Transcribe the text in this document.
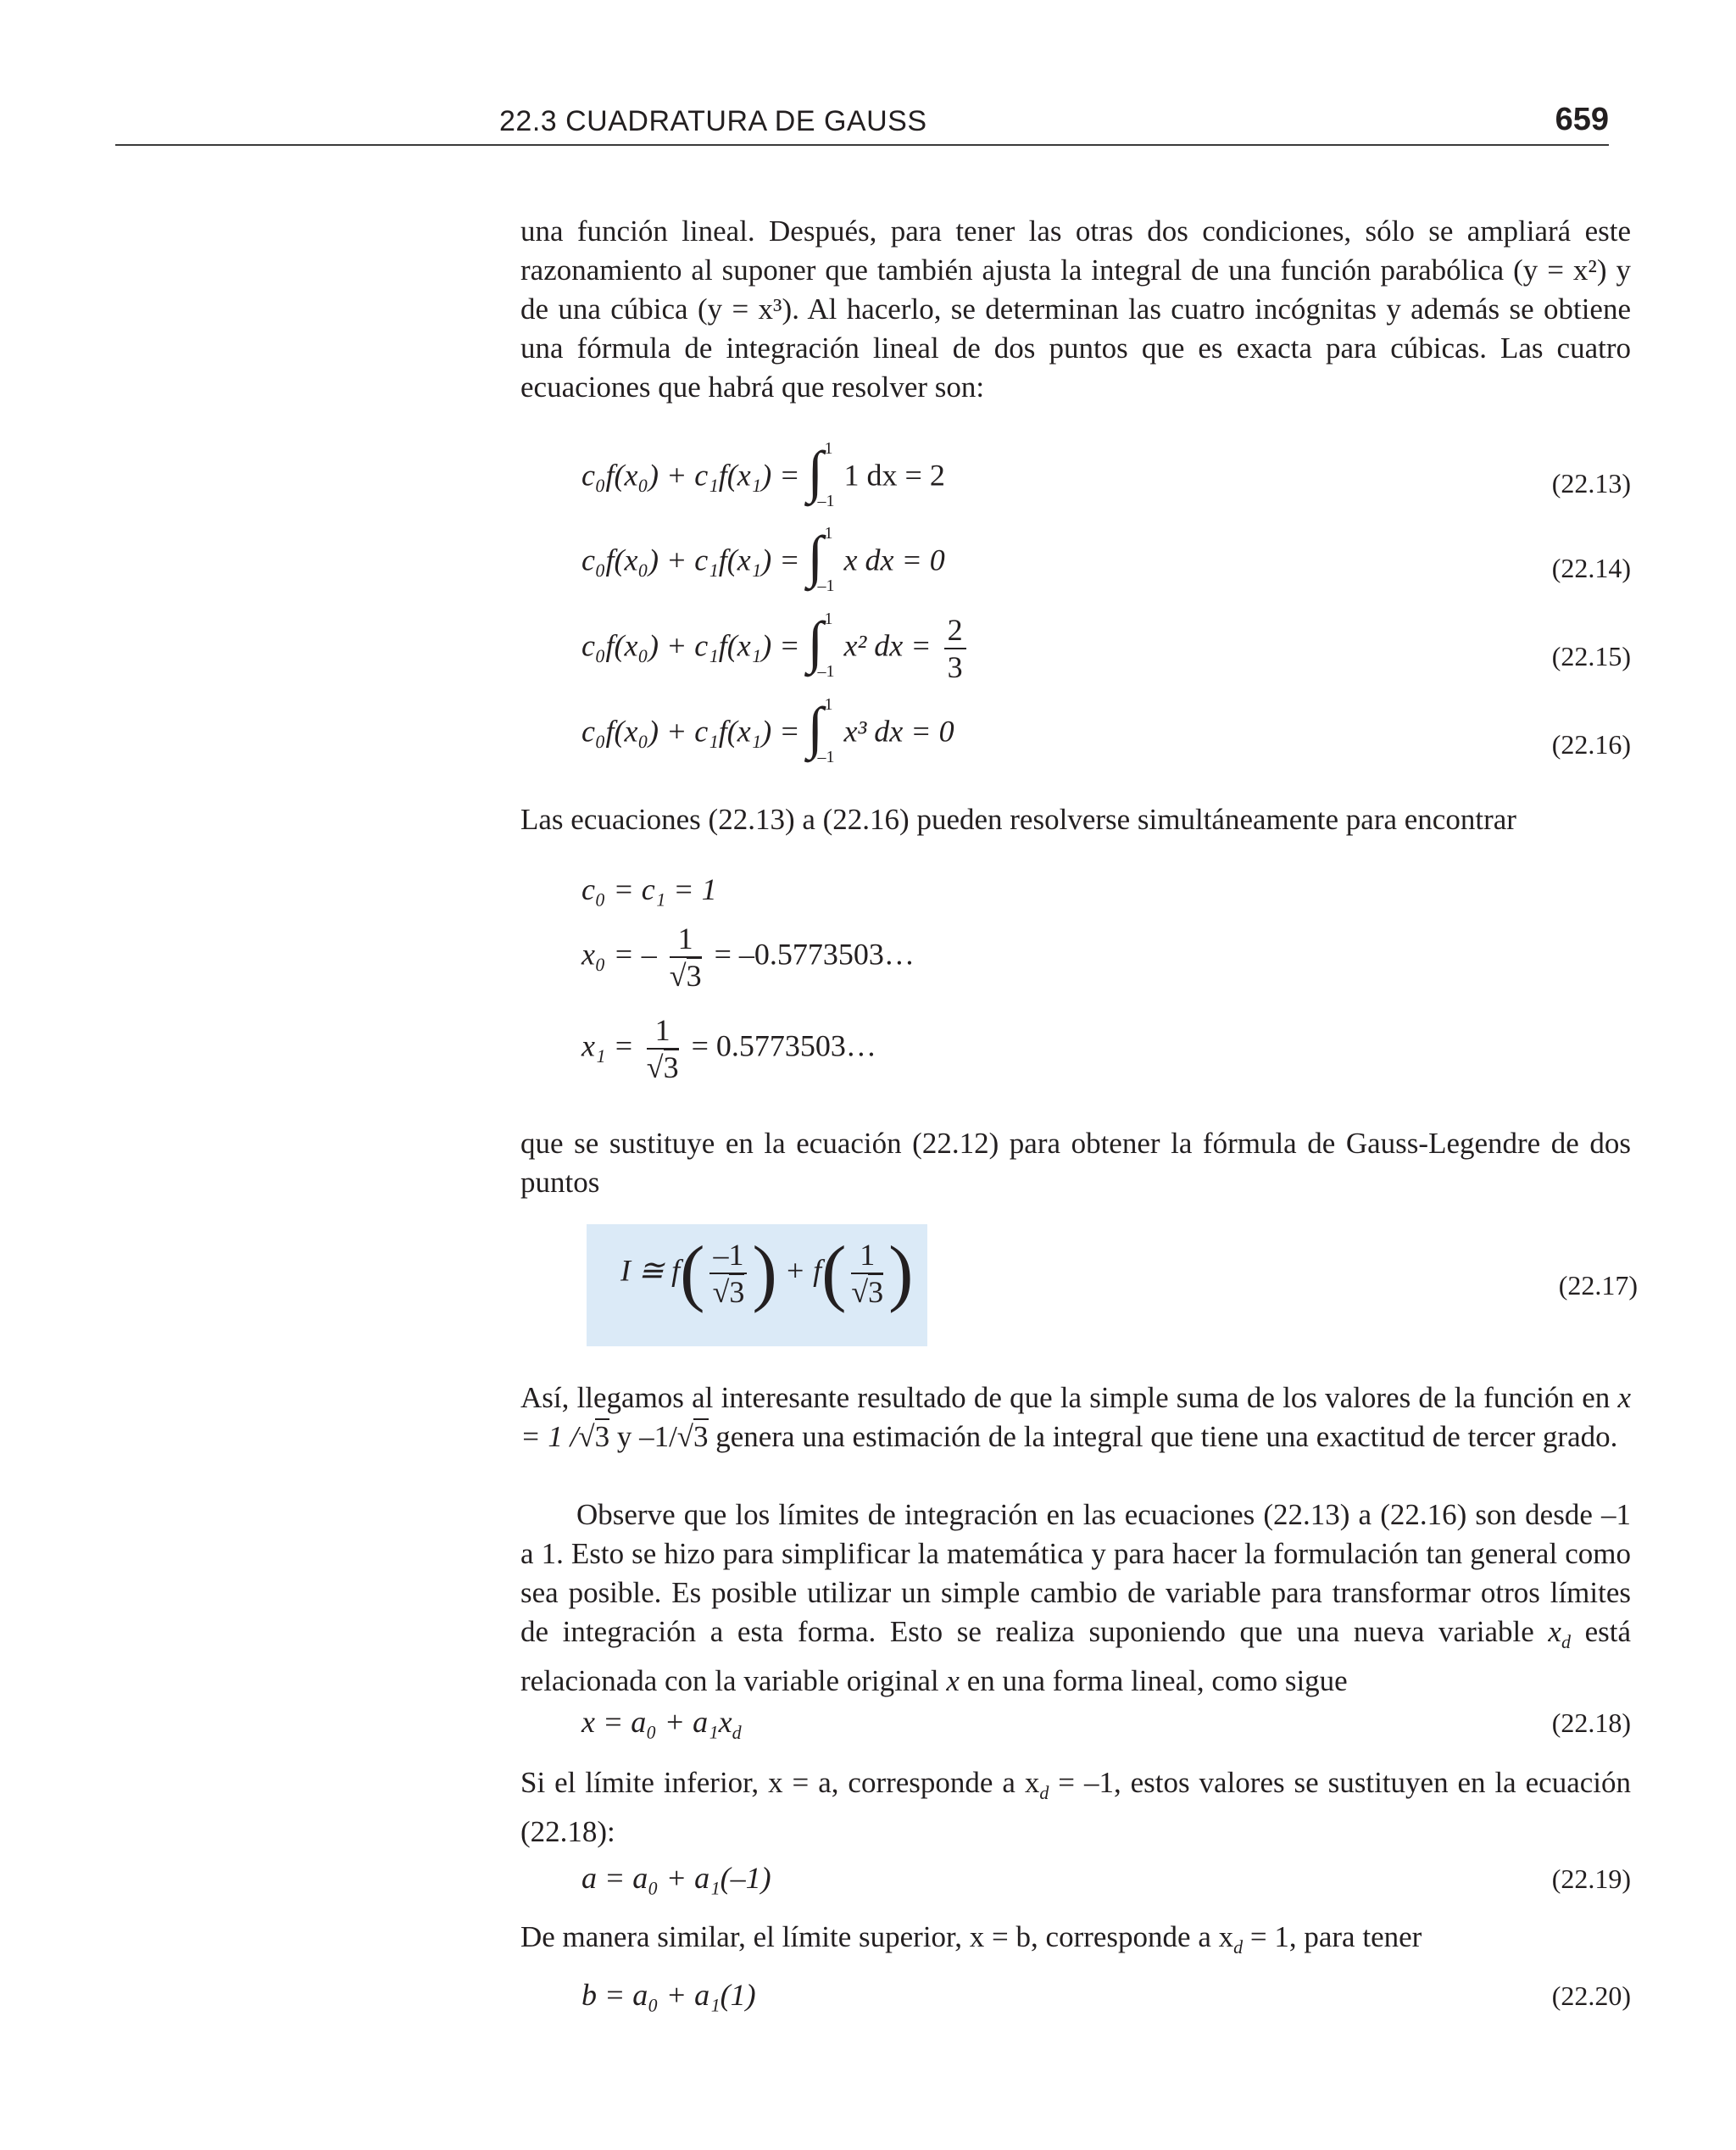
22.3 CUADRATURA DE GAUSS	659

una función lineal. Después, para tener las otras dos condiciones, sólo se ampliará este razonamiento al suponer que también ajusta la integral de una función parabólica (y = x²) y de una cúbica (y = x³). Al hacerlo, se determinan las cuatro incógnitas y además se obtiene una fórmula de integración lineal de dos puntos que es exacta para cúbicas. Las cuatro ecuaciones que habrá que resolver son:

c₀f(x₀) + c₁f(x₁) = ∫ 1
–1
1 dx = 2	(22.13)
c₀f(x₀) + c₁f(x₁) = ∫ 1
–1
x dx = 0	(22.14)
c₀f(x₀) + c₁f(x₁) = ∫ 1
–1
x² dx = $\frac{2}{3}$	(22.15)
c₀f(x₀) + c₁f(x₁) = ∫ 1
–1
x³ dx = 0	(22.16)

Las ecuaciones (22.13) a (22.16) pueden resolverse simultáneamente para encontrar

c₀ = c₁ = 1
x₀ = – $\frac{1}{√3}$ = –0.5773503…
$x_1 = \frac{1}{√3}$ = 0.5773503…

que se sustituye en la ecuación (22.12) para obtener la fórmula de Gauss-Legendre de dos puntos

I ≅ $f( \frac{-1}{√3}$ ) + $f( \frac{1}{√3}$ )	(22.17)

Así, llegamos al interesante resultado de que la simple suma de los valores de la función en x = 1 /√3 y –1/√3 genera una estimación de la integral que tiene una exactitud de tercer grado.

Observe que los límites de integración en las ecuaciones (22.13) a (22.16) son desde –1 a 1. Esto se hizo para simplificar la matemática y para hacer la formulación tan general como sea posible. Es posible utilizar un simple cambio de variable para transformar otros límites de integración a esta forma. Esto se realiza suponiendo que una nueva variable $x_d$ está relacionada con la variable original x en una forma lineal, como sigue

$x = a_0 + a_1x_d$	(22.18)

Si el límite inferior, x = a, corresponde a $x_d = -1$, estos valores se sustituyen en la ecuación (22.18):

a = a₀ + a₁(–1)	(22.19)

De manera similar, el límite superior, x = b, corresponde a $x_d = 1$, para tener

b = a₀ + a₁(1)	(22.20)
